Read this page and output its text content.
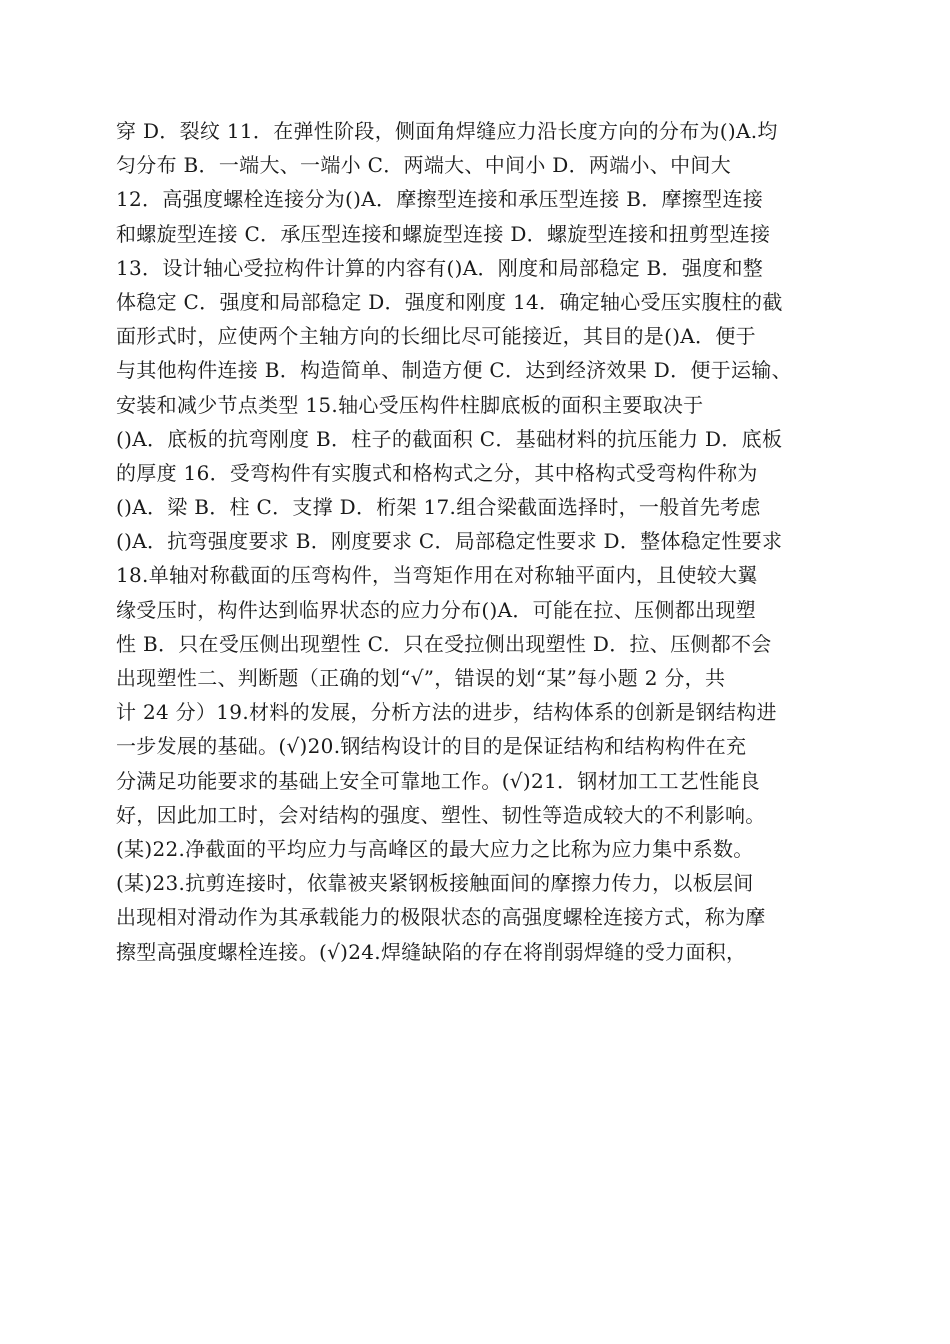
穿 D．裂纹 11．在弹性阶段，侧面角焊缝应力沿长度方向的分布为()A.均
匀分布 B．一端大、一端小 C．两端大、中间小 D．两端小、中间大
12．高强度螺栓连接分为()A．摩擦型连接和承压型连接 B．摩擦型连接
和螺旋型连接 C．承压型连接和螺旋型连接 D．螺旋型连接和扭剪型连接
13．设计轴心受拉构件计算的内容有()A．刚度和局部稳定 B．强度和整
体稳定 C．强度和局部稳定 D．强度和刚度 14．确定轴心受压实腹柱的截
面形式时，应使两个主轴方向的长细比尽可能接近，其目的是()A．便于
与其他构件连接 B．构造简单、制造方便 C．达到经济效果 D．便于运输、
安装和减少节点类型 15.轴心受压构件柱脚底板的面积主要取决于
()A．底板的抗弯刚度 B．柱子的截面积 C．基础材料的抗压能力 D．底板
的厚度 16．受弯构件有实腹式和格构式之分，其中格构式受弯构件称为
()A．梁 B．柱 C．支撑 D．桁架 17.组合梁截面选择时，一般首先考虑
()A．抗弯强度要求 B．刚度要求 C．局部稳定性要求 D．整体稳定性要求
18.单轴对称截面的压弯构件，当弯矩作用在对称轴平面内，且使较大翼
缘受压时，构件达到临界状态的应力分布()A．可能在拉、压侧都出现塑
性 B．只在受压侧出现塑性 C．只在受拉侧出现塑性 D．拉、压侧都不会
出现塑性二、判断题（正确的划“√”，错误的划“某”每小题 2 分，共
计 24 分）19.材料的发展，分析方法的进步，结构体系的创新是钢结构进
一步发展的基础。(√)20.钢结构设计的目的是保证结构和结构构件在充
分满足功能要求的基础上安全可靠地工作。(√)21．钢材加工工艺性能良
好，因此加工时，会对结构的强度、塑性、韧性等造成较大的不利影响。
(某)22.净截面的平均应力与高峰区的最大应力之比称为应力集中系数。
(某)23.抗剪连接时，依靠被夹紧钢板接触面间的摩擦力传力，以板层间
出现相对滑动作为其承载能力的极限状态的高强度螺栓连接方式，称为摩
擦型高强度螺栓连接。(√)24.焊缝缺陷的存在将削弱焊缝的受力面积，
